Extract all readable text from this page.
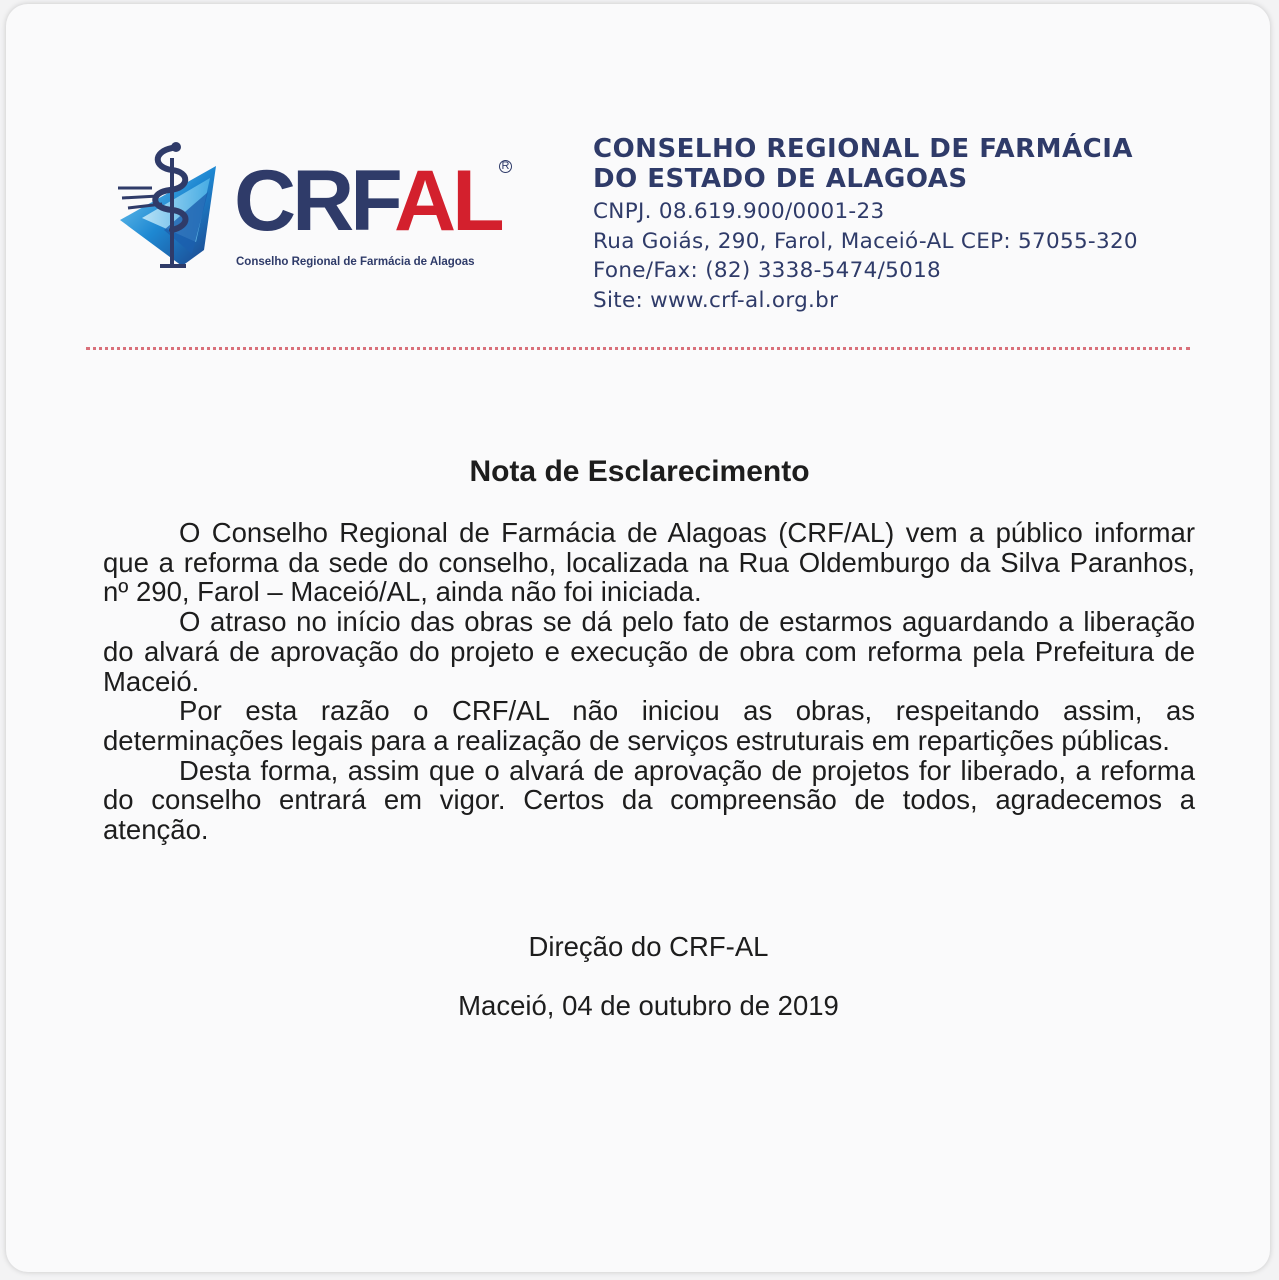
CRFAL R
Conselho Regional de Farmácia de Alagoas
CONSELHO REGIONAL DE FARMÁCIA
DO ESTADO DE ALAGOAS
CNPJ. 08.619.900/0001-23
Rua Goiás, 290, Farol, Maceió-AL CEP: 57055-320
Fone/Fax: (82) 3338-5474/5018
Site: www.crf-al.org.br
Nota de Esclarecimento

O Conselho Regional de Farmácia de Alagoas (CRF/AL) vem a público informar que a reforma da sede do conselho, localizada na Rua Oldemburgo da Silva Paranhos, nº 290, Farol – Maceió/AL, ainda não foi iniciada.

O atraso no início das obras se dá pelo fato de estarmos aguardando a liberação do alvará de aprovação do projeto e execução de obra com reforma pela Prefeitura de Maceió.

Por esta razão o CRF/AL não iniciou as obras, respeitando assim, as determinações legais para a realização de serviços estruturais em repartições públicas.

Desta forma, assim que o alvará de aprovação de projetos for liberado, a reforma do conselho entrará em vigor. Certos da compreensão de todos, agradecemos a atenção.

Direção do CRF-AL
Maceió, 04 de outubro de 2019
